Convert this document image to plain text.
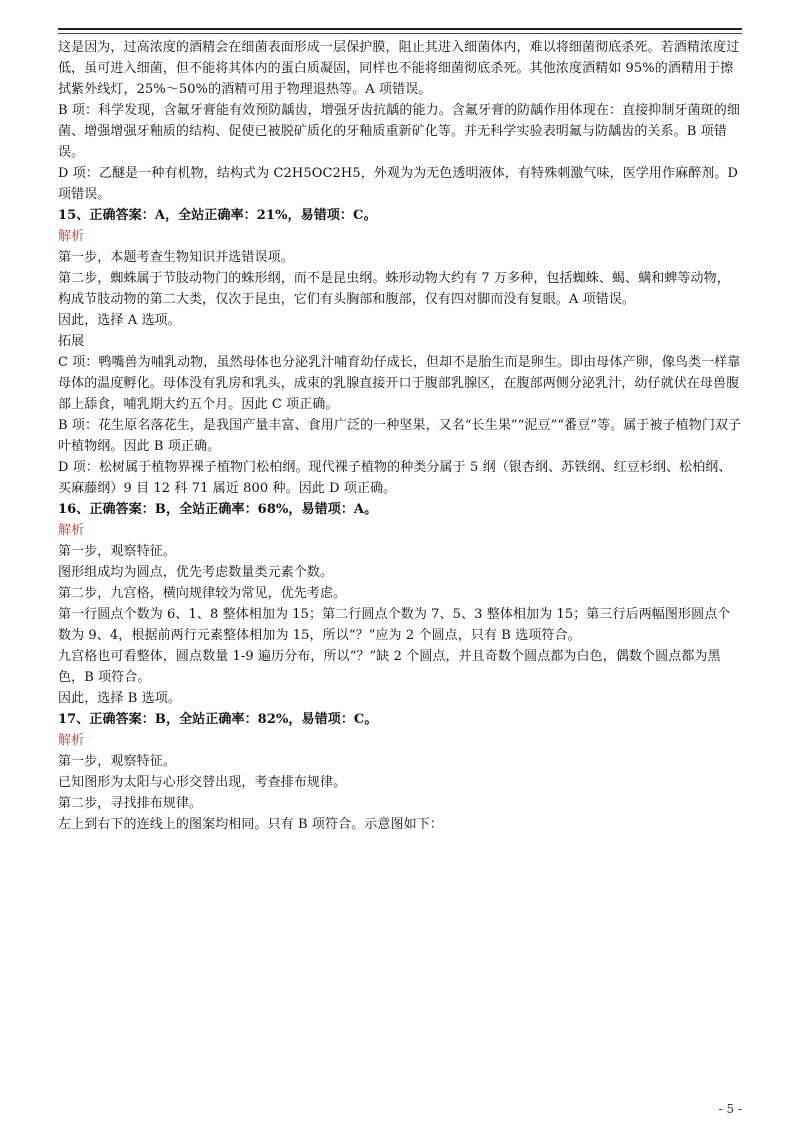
这是因为，过高浓度的酒精会在细菌表面形成一层保护膜，阻止其进入细菌体内，难以将细菌彻底杀死。若酒精浓度过低，虽可进入细菌，但不能将其体内的蛋白质凝固，同样也不能将细菌彻底杀死。其他浓度酒精如 95%的酒精用于擦拭紫外线灯，25%～50%的酒精可用于物理退热等。A 项错误。

B 项：科学发现，含氟牙膏能有效预防龋齿，增强牙齿抗龋的能力。含氟牙膏的防龋作用体现在：直接抑制牙菌斑的细菌、增强增强牙釉质的结构、促使已被脱矿质化的牙釉质重新矿化等。并无科学实验表明氟与防龋齿的关系。B 项错误。

D 项：乙醚是一种有机物，结构式为 C2H5OC2H5，外观为为无色透明液体，有特殊刺激气味，医学用作麻醉剂。D 项错误。

15、正确答案：A，全站正确率：21%，易错项：C。

解析

第一步，本题考查生物知识并选错误项。

第二步，蜘蛛属于节肢动物门的蛛形纲，而不是昆虫纲。蛛形动物大约有 7 万多种，包括蜘蛛、蝎、螨和蜱等动物，构成节肢动物的第二大类，仅次于昆虫，它们有头胸部和腹部，仅有四对脚而没有复眼。A 项错误。

因此，选择 A 选项。

拓展

C 项：鸭嘴兽为哺乳动物，虽然母体也分泌乳汁哺育幼仔成长，但却不是胎生而是卵生。即由母体产卵，像鸟类一样靠母体的温度孵化。母体没有乳房和乳头，成束的乳腺直接开口于腹部乳腺区，在腹部两侧分泌乳汁，幼仔就伏在母兽腹部上舔食，哺乳期大约五个月。因此 C 项正确。

B 项：花生原名落花生，是我国产量丰富、食用广泛的一种坚果，又名“长生果”“泥豆”“番豆”等。属于被子植物门双子叶植物纲。因此 B 项正确。

D 项：松树属于植物界裸子植物门松柏纲。现代裸子植物的种类分属于 5 纲（银杏纲、苏铁纲、红豆杉纲、松柏纲、买麻藤纲）9 目 12 科 71 属近 800 种。因此 D 项正确。

16、正确答案：B，全站正确率：68%，易错项：A。

解析

第一步，观察特征。

图形组成均为圆点，优先考虑数量类元素个数。

第二步，九宫格，横向规律较为常见，优先考虑。

第一行圆点个数为 6、1、8 整体相加为 15；第二行圆点个数为 7、5、3 整体相加为 15；第三行后两幅图形圆点个数为 9、4，根据前两行元素整体相加为 15，所以“？”应为 2 个圆点，只有 B 选项符合。

九宫格也可看整体，圆点数量 1-9 遍历分布，所以“？”缺 2 个圆点，并且奇数个圆点都为白色，偶数个圆点都为黑色，B 项符合。

因此，选择 B 选项。

17、正确答案：B，全站正确率：82%，易错项：C。

解析

第一步，观察特征。

已知图形为太阳与心形交替出现，考查排布规律。

第二步，寻找排布规律。

左上到右下的连线上的图案均相同。只有 B 项符合。示意图如下：

- 5 -
